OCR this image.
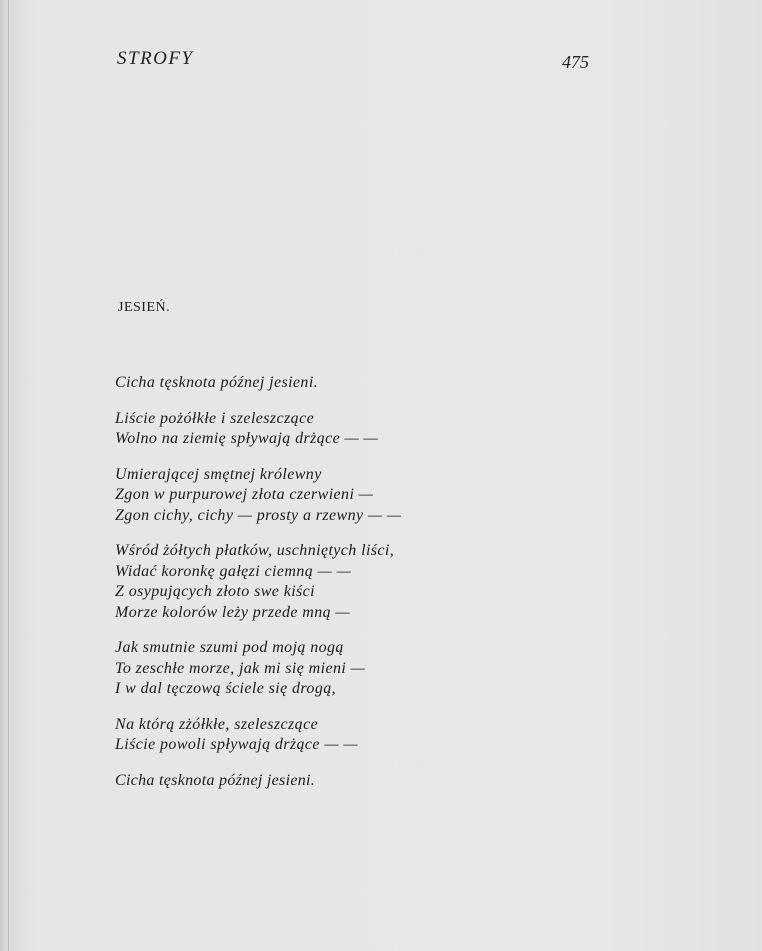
STROFY	475
JESIEŃ.
Cicha tęsknota późnej jesieni.
Liście pożółkłe i szeleszczące
Wolno na ziemię spływają drżące — —
Umierającej smętnej królewny
Zgon w purpurowej złota czerwieni —
Zgon cichy, cichy — prosty a rzewny — —
Wśród żółtych płatków, uschniętych liści,
Widać koronkę gałęzi ciemną — —
Z osypujących złoto swe kiści
Morze kolorów leży przede mną —
Jak smutnie szumi pod moją nogą
To zeschłe morze, jak mi się mieni —
I w dal tęczową ściele się drogą,
Na którą zżółkłe, szeleszczące
Liście powoli spływają drżące — —
Cicha tęsknota późnej jesieni.
